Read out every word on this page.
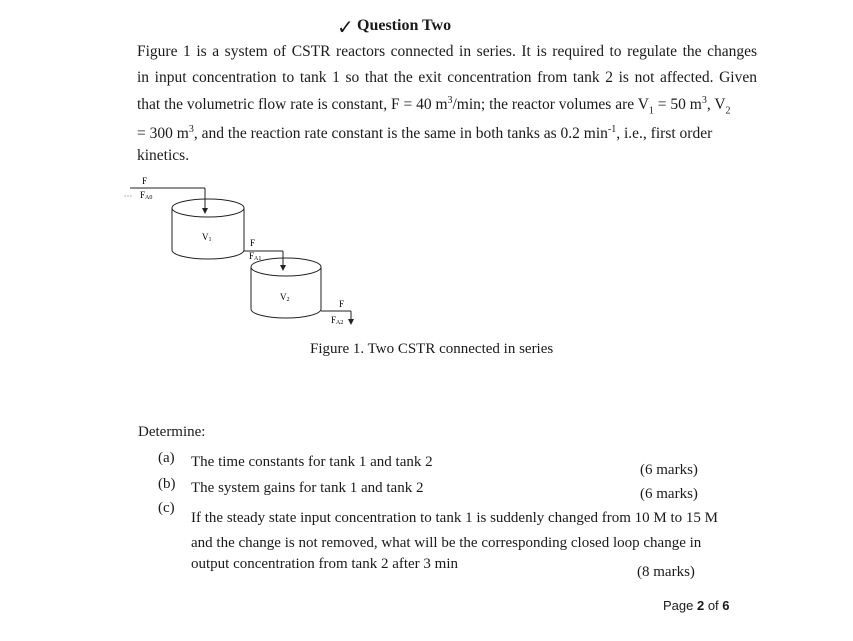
✓ Question Two
Figure 1 is a system of CSTR reactors connected in series. It is required to regulate the changes
in input concentration to tank 1 so that the exit concentration from tank 2 is not affected. Given
that the volumetric flow rate is constant, F = 40 $m^3/\min$; the reactor volumes are $V_1 = 50$ $m^3$, $V_2$
= 300 $m^3$, and the reaction rate constant is the same in both tanks as 0.2 $\min^{-1}$, i.e., first order
kinetics.
F
FA0
V1	F
FA1
V2	F
FA2
Figure 1. Two CSTR connected in series
Determine:
(a) The time constants for tank 1 and tank 2	(6 marks)
(b) The system gains for tank 1 and tank 2	(6 marks)
(c)
If the steady state input concentration to tank 1 is suddenly changed from 10 M to 15 M
and the change is not removed, what will be the corresponding closed loop change in
output concentration from tank 2 after 3 min	(8 marks)
Page 2 of 6
